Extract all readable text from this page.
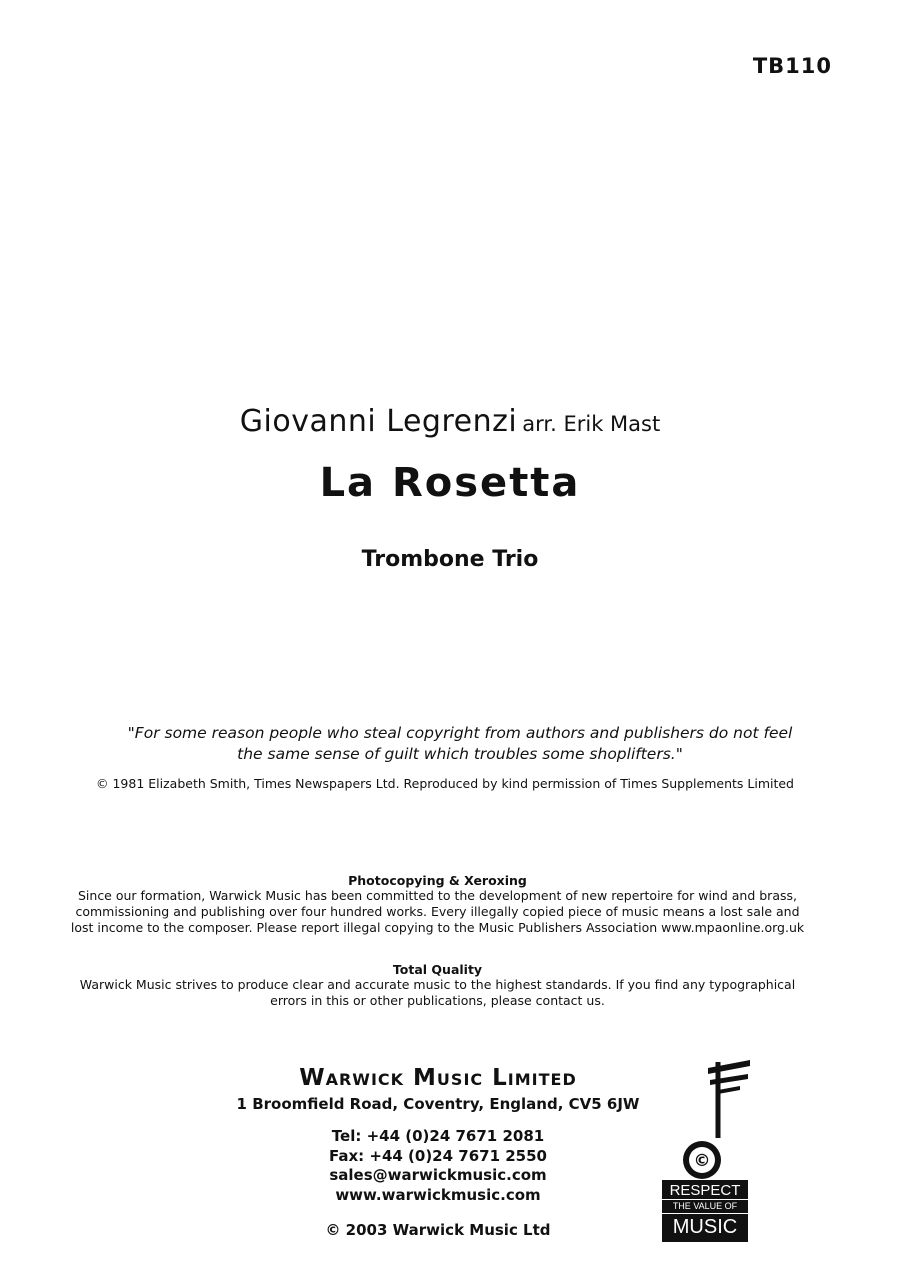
TB110
Giovanni Legrenzi arr. Erik Mast
La Rosetta
Trombone Trio
"For some reason people who steal copyright from authors and publishers do not feel
the same sense of guilt which troubles some shoplifters."
© 1981 Elizabeth Smith, Times Newspapers Ltd. Reproduced by kind permission of Times Supplements Limited
Photocopying & Xeroxing
Since our formation, Warwick Music has been committed to the development of new repertoire for wind and brass,
commissioning and publishing over four hundred works. Every illegally copied piece of music means a lost sale and
lost income to the composer. Please report illegal copying to the Music Publishers Association www.mpaonline.org.uk
Total Quality
Warwick Music strives to produce clear and accurate music to the highest standards. If you find any typographical
errors in this or other publications, please contact us.
Warwick Music Limited
1 Broomfield Road, Coventry, England, CV5 6JW
Tel: +44 (0)24 7671 2081
Fax: +44 (0)24 7671 2550
sales@warwickmusic.com
www.warwickmusic.com
© 2003 Warwick Music Ltd
©
RESPECT
THE VALUE OF
MUSIC
